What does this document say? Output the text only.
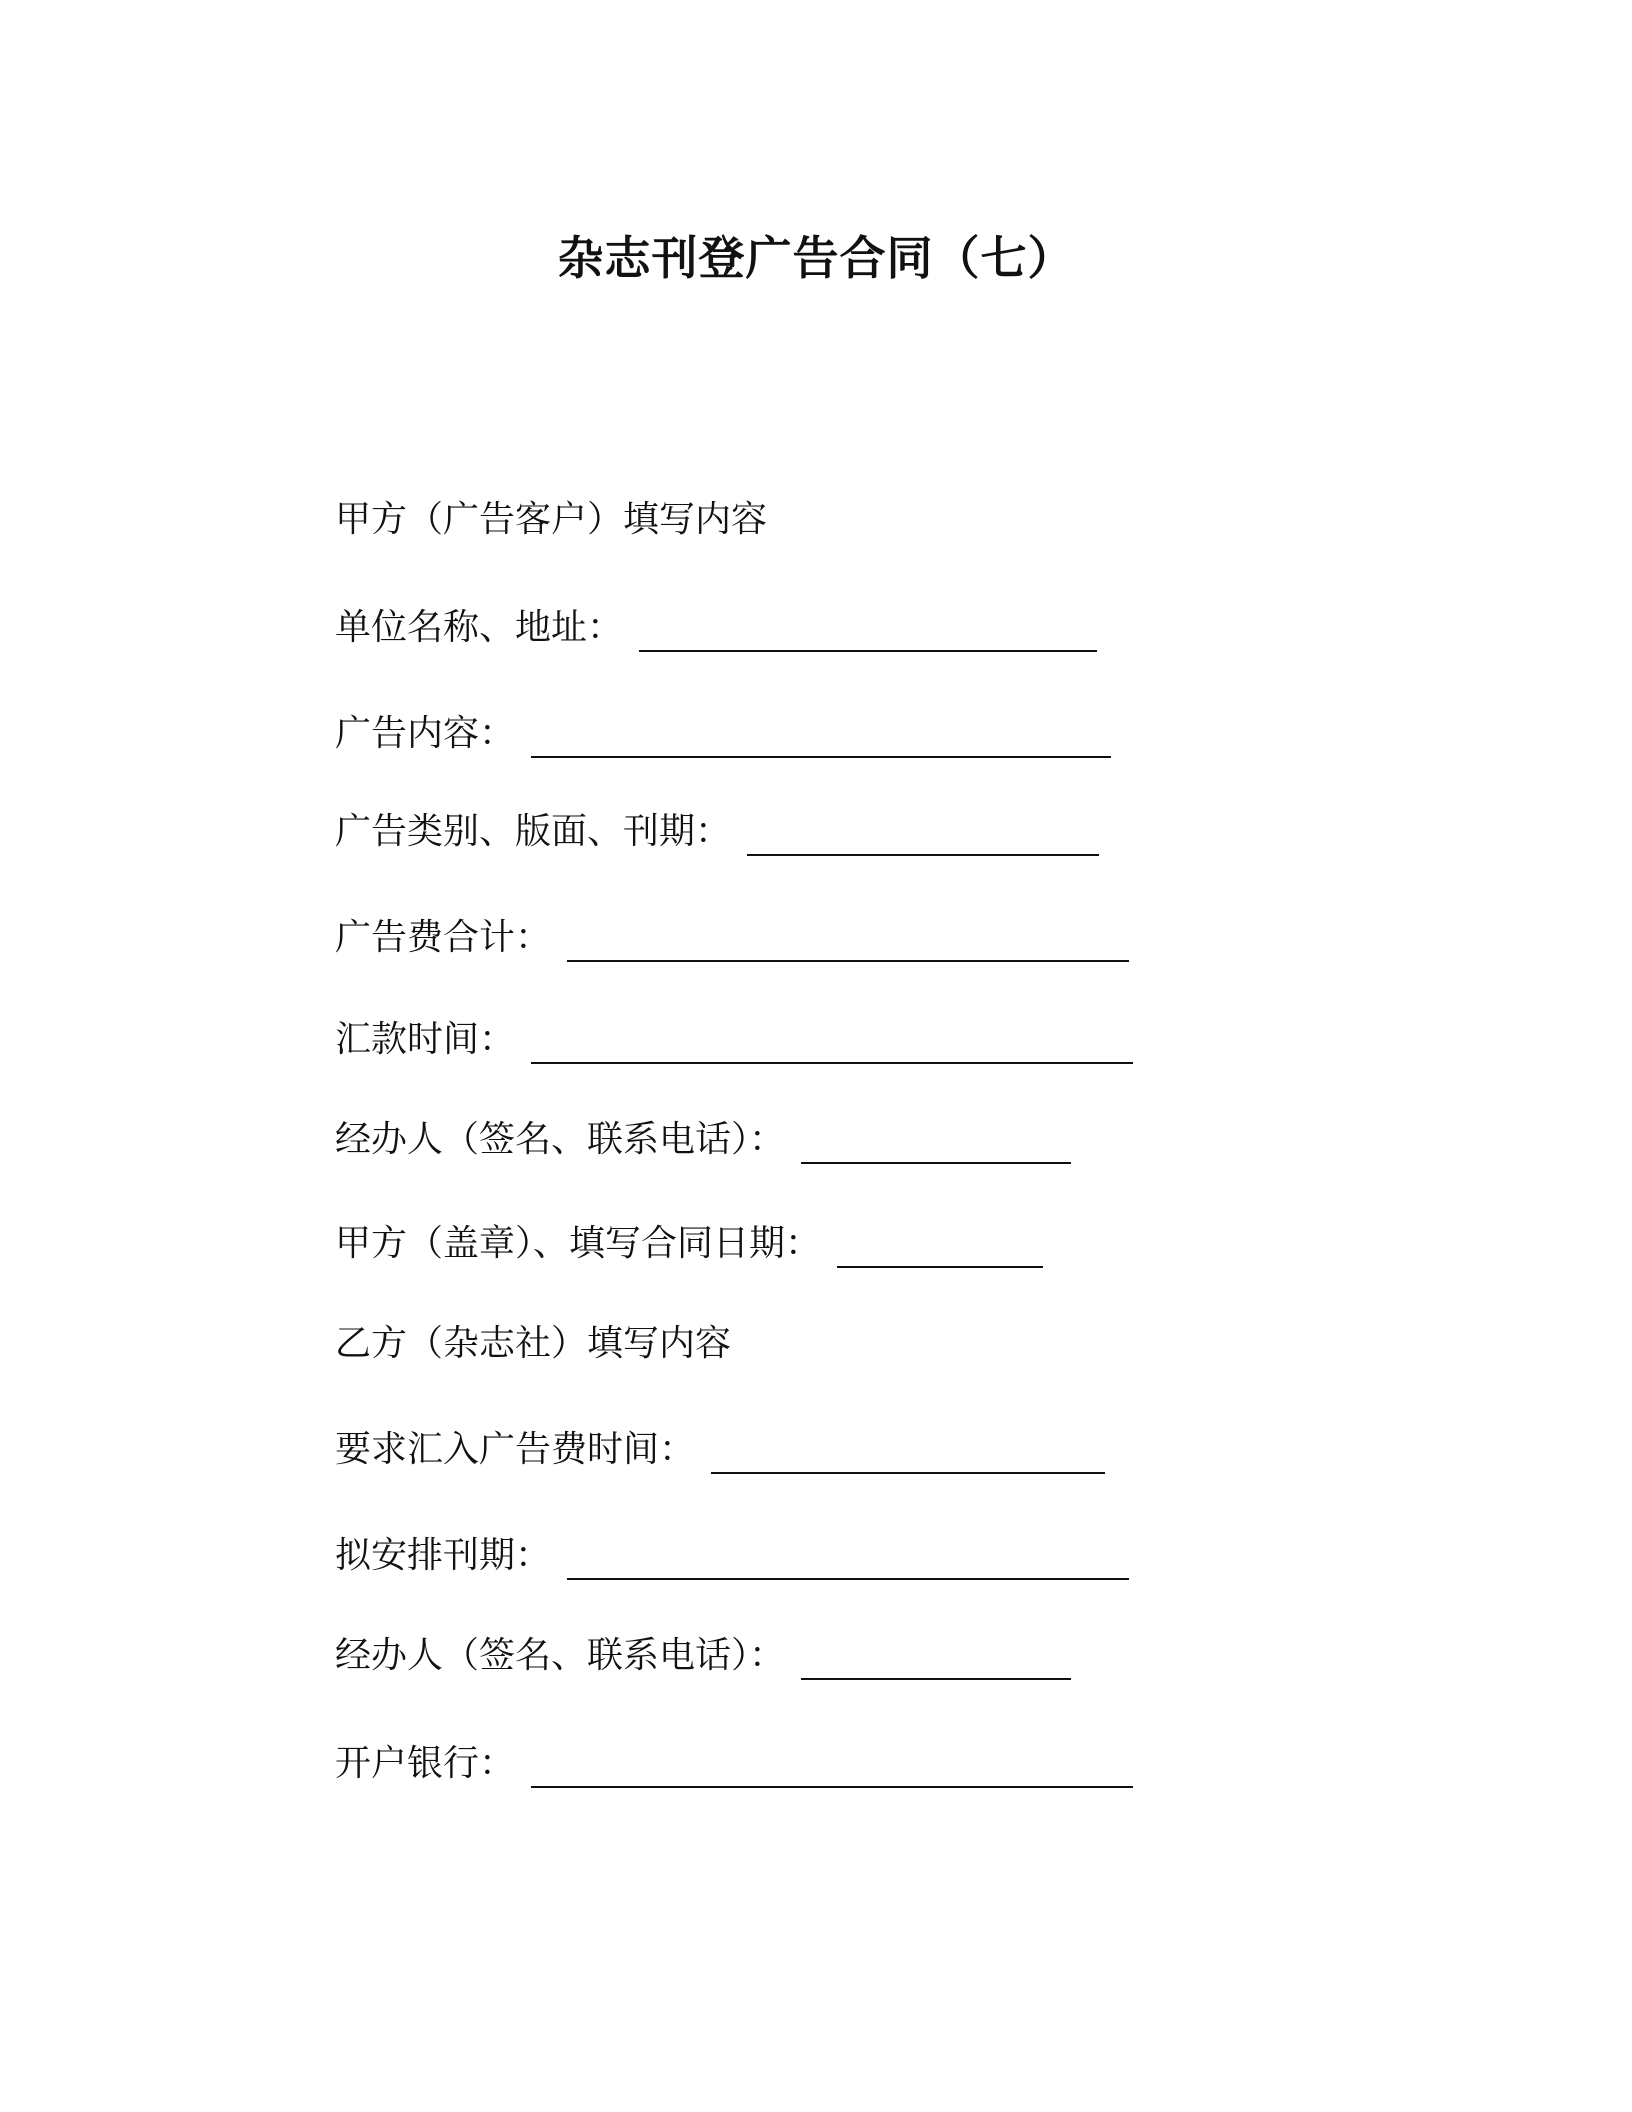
杂志刊登广告合同（七）
甲方（广告客户）填写内容
单位名称、地址：
广告内容：
广告类别、版面、刊期：
广告费合计：
汇款时间：
经办人（签名、联系电话）：
甲方（盖章）、填写合同日期：
乙方（杂志社）填写内容
要求汇入广告费时间：
拟安排刊期：
经办人（签名、联系电话）：
开户银行：
